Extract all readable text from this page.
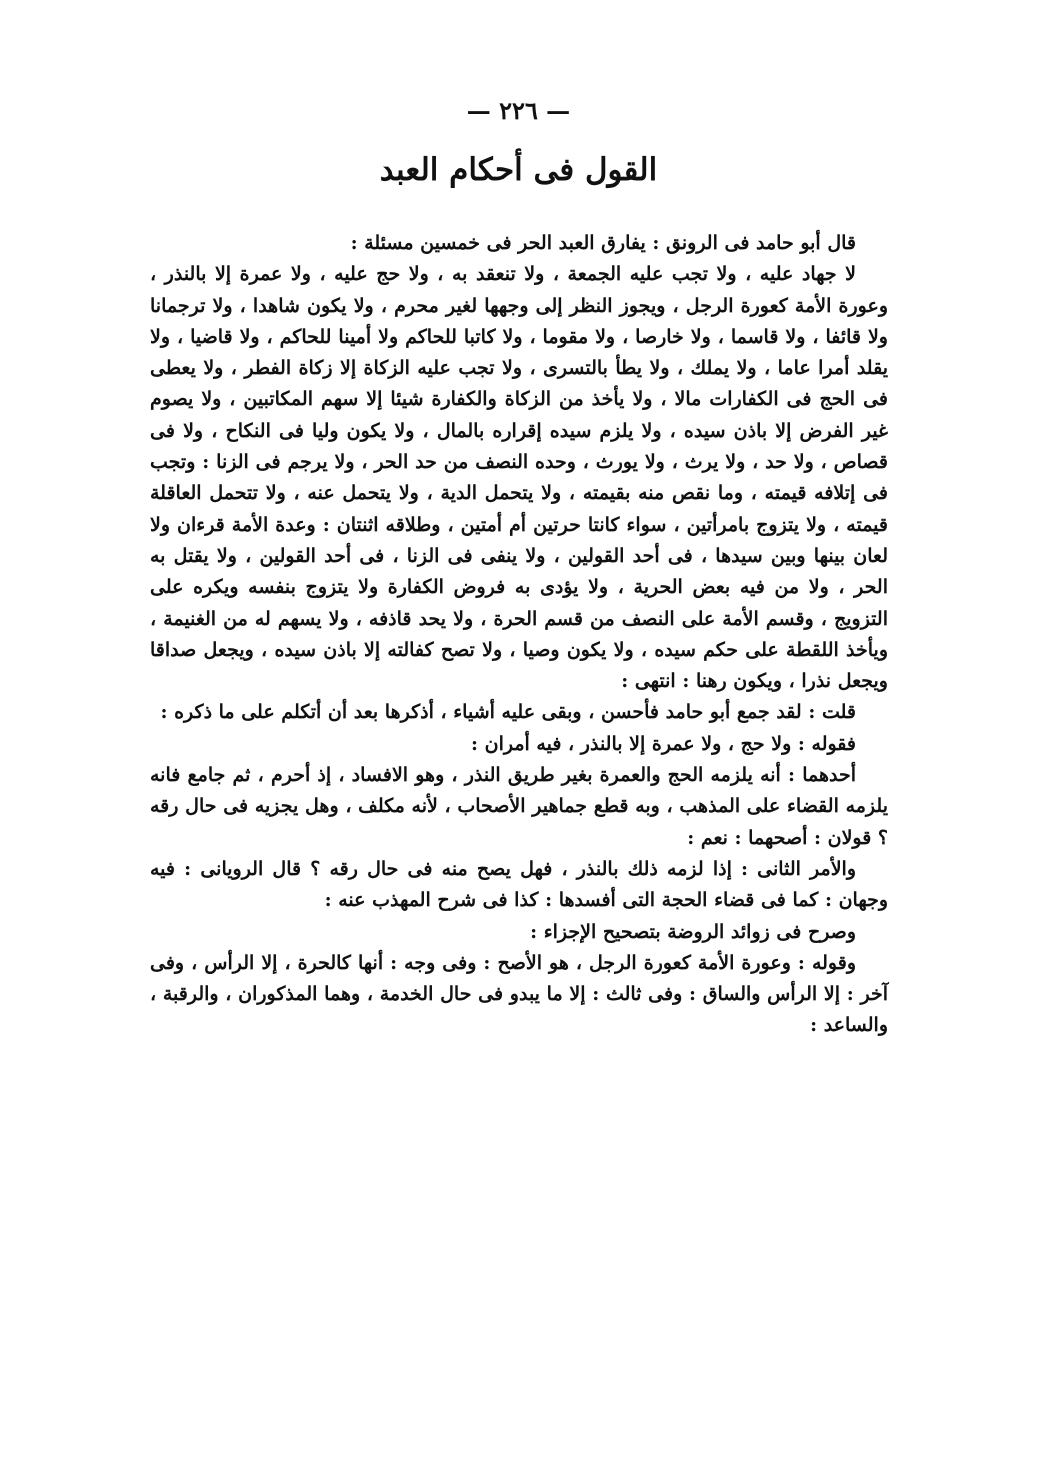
— ٢٢٦ —
القول فى أحكام العبد

قال أبو حامد فى الرونق : يفارق العبد الحر فى خمسين مسئلة :

لا جهاد عليه ، ولا تجب عليه الجمعة ، ولا تنعقد به ، ولا حج عليه ، ولا عمرة إلا بالنذر ، وعورة الأمة كعورة الرجل ، ويجوز النظر إلى وجهها لغير محرم ، ولا يكون شاهدا ، ولا ترجمانا ولا قائفا ، ولا قاسما ، ولا خارصا ، ولا مقوما ، ولا كاتبا للحاكم ولا أمينا للحاكم ، ولا قاضيا ، ولا يقلد أمرا عاما ، ولا يملك ، ولا يطأ بالتسرى ، ولا تجب عليه الزكاة إلا زكاة الفطر ، ولا يعطى فى الحج فى الكفارات مالا ، ولا يأخذ من الزكاة والكفارة شيئا إلا سهم المكاتبين ، ولا يصوم غير الفرض إلا باذن سيده ، ولا يلزم سيده إقراره بالمال ، ولا يكون وليا فى النكاح ، ولا فى قصاص ، ولا حد ، ولا يرث ، ولا يورث ، وحده النصف من حد الحر ، ولا يرجم فى الزنا : وتجب فى إتلافه قيمته ، وما نقص منه بقيمته ، ولا يتحمل الدية ، ولا يتحمل عنه ، ولا تتحمل العاقلة قيمته ، ولا يتزوج بامرأتين ، سواء كانتا حرتين أم أمتين ، وطلاقه اثنتان : وعدة الأمة قرءان ولا لعان بينها وبين سيدها ، فى أحد القولين ، ولا ينفى فى الزنا ، فى أحد القولين ، ولا يقتل به الحر ، ولا من فيه بعض الحرية ، ولا يؤدى به فروض الكفارة ولا يتزوج بنفسه ويكره على التزويج ، وقسم الأمة على النصف من قسم الحرة ، ولا يحد قاذفه ، ولا يسهم له من الغنيمة ، ويأخذ اللقطة على حكم سيده ، ولا يكون وصيا ، ولا تصح كفالته إلا باذن سيده ، ويجعل صداقا ويجعل نذرا ، ويكون رهنا : انتهى :

قلت : لقد جمع أبو حامد فأحسن ، وبقى عليه أشياء ، أذكرها بعد أن أتكلم على ما ذكره :

فقوله : ولا حج ، ولا عمرة إلا بالنذر ، فيه أمران :

أحدهما : أنه يلزمه الحج والعمرة بغير طريق النذر ، وهو الافساد ، إذ أحرم ، ثم جامع فانه يلزمه القضاء على المذهب ، وبه قطع جماهير الأصحاب ، لأنه مكلف ، وهل يجزيه فى حال رقه ؟ قولان : أصحهما : نعم :

والأمر الثانى : إذا لزمه ذلك بالنذر ، فهل يصح منه فى حال رقه ؟ قال الرويانى : فيه وجهان : كما فى قضاء الحجة التى أفسدها : كذا فى شرح المهذب عنه :

وصرح فى زوائد الروضة بتصحيح الإجزاء :

وقوله : وعورة الأمة كعورة الرجل ، هو الأصح : وفى وجه : أنها كالحرة ، إلا الرأس ، وفى آخر : إلا الرأس والساق : وفى ثالث : إلا ما يبدو فى حال الخدمة ، وهما المذكوران ، والرقبة ، والساعد :
